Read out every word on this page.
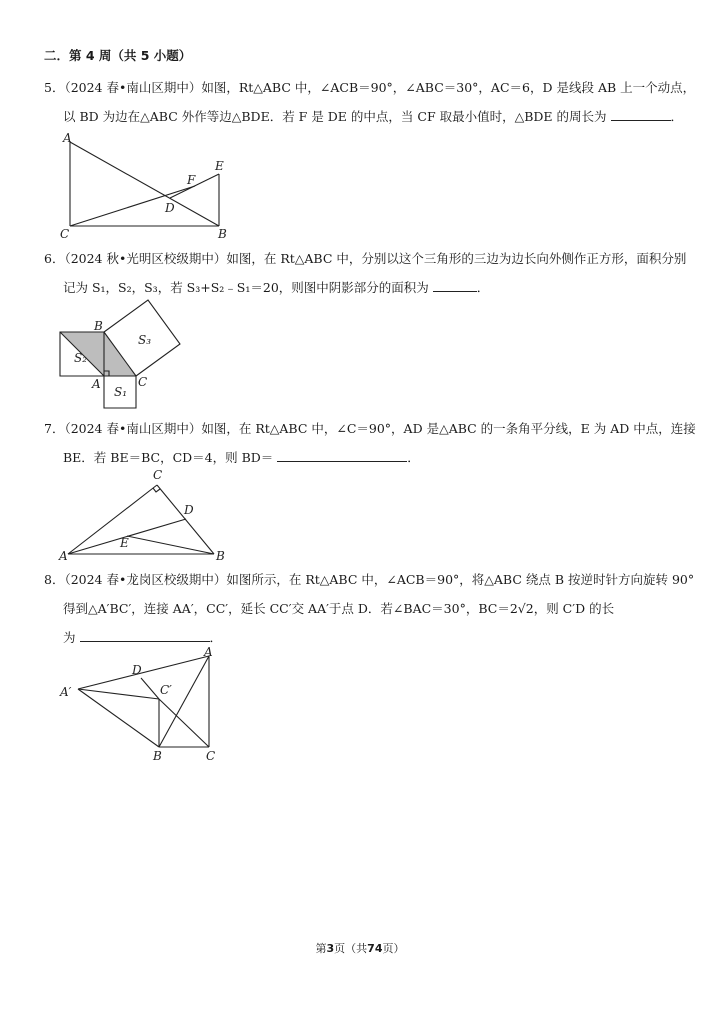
二．第 4 周（共 5 小题）
5．（2024 春•南山区期中）如图，Rt△ABC 中，∠ACB＝90°，∠ABC＝30°，AC＝6，D 是线段 AB 上一个动点，
以 BD 为边在△ABC 外作等边△BDE．若 F 是 DE 的中点，当 CF 取最小值时，△BDE 的周长为	．
A
C	B
E
F
D
6．（2024 秋•光明区校级期中）如图，在 Rt△ABC 中，分别以这个三角形的三边为边长向外侧作正方形，面积分别
记为 S₁，S₂，S₃，若 S₃+S₂﹣S₁＝20，则图中阴影部分的面积为	．
B
A	C
S₃
S₂
S₁
7．（2024 春•南山区期中）如图，在 Rt△ABC 中，∠C＝90°，AD 是△ABC 的一条角平分线，E 为 AD 中点，连接
BE．若 BE＝BC，CD＝4，则 BD＝	．
C
D
E
A	B
8．（2024 春•龙岗区校级期中）如图所示，在 Rt△ABC 中，∠ACB＝90°，将△ABC 绕点 B 按逆时针方向旋转 90°
得到△A′BC′，连接 AA′，CC′，延长 CC′交 AA′于点 D．若∠BAC＝30°，BC＝2√2，则 C′D 的长
为	．
A
D
C′
A′
B	C
第3页（共74页）
